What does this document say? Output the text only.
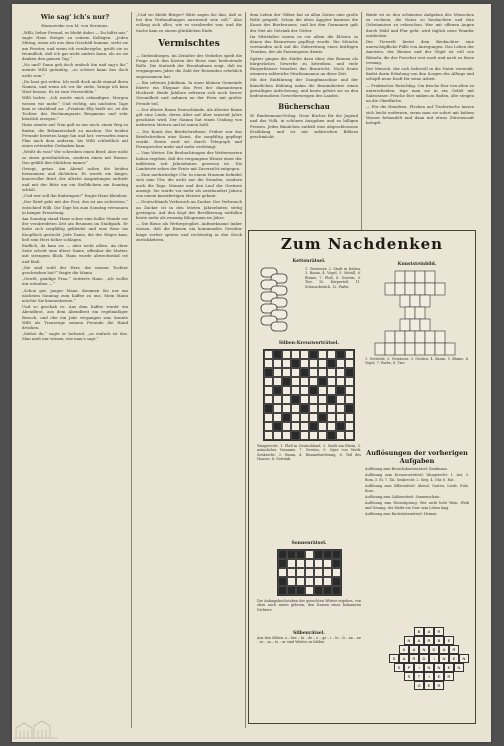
Wie sag' ich's nur?
Humoreske von M. von Seroiuus.

„Willi, lieber Freund, es bleibt dabei — Du hilfst mir,“ sagte Hans Steiger zu seinem Kollegen. „Jeden Mittag, wenn ich aus dem Geschäft komme, steht sie am Fenster, und wenn ich vorübergehe, grüßt sie so freundlich, daß ich gar nicht anders kann, als an sie denken den ganzen Tag.“

„Na und? Dann geh doch einfach hin und sag's ihr,“ meinte Willi gutmütig, „so schwer kann das doch nicht sein.“

„Du hast gut reden. Ich weiß doch nicht einmal ihren Namen, und wenn ich vor ihr stehe, bringe ich kein Wort heraus. Es ist zum Verzweifeln.“

Willi lachte. „Ich werde mich erkundigen. Morgen wissen wir mehr.“ Und richtig, am nächsten Tage kam er strahlend an: „Fräulein Elly heißt sie, ist die Tochter des Rechnungsrats Bergmann und sehr häuslich erzogen.“

Hans atmete auf. Nun galt es nur noch, einen Weg zu finden, die Bekanntschaft zu machen. Die beiden Freunde berieten lange hin und her, verwarfen einen Plan nach dem anderen, bis Willi schließlich auf einen rettenden Gedanken kam.

„Weißt du was? Wir schreiben einen Brief, aber nicht so einen gewöhnlichen, sondern einen mit Humor. Das gefällt den Mädchen immer.“

Gesagt, getan. Am Abend saßen die beiden beisammen und dichteten. Es wurde ein langer, kunstvoller Brief, der allerlei Anspielungen enthielt und mit der Bitte um ein Stelldichein am Sonntag schloß.

„Und wer soll ihn hinbringen?“ fragte Hans kleinlaut.

„Der Brief geht mit der Post, das ist am sichersten,“ entschied Willi. Die Tage bis zum Sonntag verrannen in banger Erwartung.

Am Sonntag stand Hans schon eine halbe Stunde vor der verabredeten Zeit am Brunnen im Stadtpark. Er hatte sich sorgfältig gekleidet und eine Rose ins Knopfloch gesteckt. Jede Dame, die des Weges kam, ließ sein Herz höher schlagen.

Endlich, da kam sie — aber nicht allein. An ihrer Seite schritt eine ältere Dame, offenbar die Mutter, mit strengem Blick. Hans wurde abwechselnd rot und blaß.

„Sie sind wohl der Herr, der meiner Tochter geschrieben hat?“ fragte die Mama.

„Gewiß, gnädige Frau,“ stotterte Hans, „ich wollte mir erlauben —“

„Schon gut, junger Mann. Kommen Sie nur am nächsten Sonntag zum Kaffee zu uns. Mein Mann möchte Sie kennenlernen.“

Und so geschah es. Aus dem Kaffee wurde ein Abendbrot, aus dem Abendbrot ein regelmäßiger Besuch, und ehe ein Jahr vergangen war, konnte Willi als Trauzeuge seinem Freunde die Hand drücken.

„Siehst du,“ sagte er lachend, „so einfach ist das. Man muß nur wissen, wie man's sagt.“

„Und wo bleibt Bürger? Bitte sagen Sie ihm, daß er bei den Verhandlungen anwesend sein soll.“ Also vollzog sich alles, wie es verabredet war, und die Sache kam zu einem glücklichen Ende.

Vermischtes

— Siebenbürgen. Im Zeitalter des Verkehrs spielt die Frage nach den Kosten der Reise eine bedeutende Rolle. Die Statistik der Eisenbahnen zeigt, daß im vergangenen Jahre die Zahl der Reisenden erheblich zugenommen hat.

— Ein seltenes Jubiläum. In einer kleinen Gemeinde feierte ein Ehepaar das Fest der diamantenen Hochzeit. Beide Jubilare erfreuen sich noch bester Gesundheit und nahmen an der Feier mit großer Freude teil.

— Der älteste Baum Deutschlands. Als ältester Baum gilt eine Linde, deren Alter auf über tausend Jahre geschätzt wird. Der Stamm hat einen Umfang von mehreren Metern und ist innen hohl.

— Die Kunst des Briefschreibens. Früher war das Briefschreiben eine Kunst, die sorgfältig gepflegt wurde. Heute wird sie durch Telegraph und Fernsprecher mehr und mehr verdrängt.

— Vom Wetter. Die Beobachtungen der Wetterwarten haben ergeben, daß der vergangene Winter einer der mildesten seit Jahrzehnten gewesen ist. Die Landwirte sehen der Ernte mit Zuversicht entgegen.

— Eine merkwürdige Uhr. In einem Museum befindet sich eine Uhr, die nicht nur die Stunden, sondern auch die Tage, Monate und den Lauf der Gestirne anzeigt. Sie wurde vor mehr als zweihundert Jahren von einem kunstfertigen Meister gebaut.

— Deutschlands Verbrauch an Zucker. Der Verbrauch an Zucker ist in den letzten Jahrzehnten stetig gestiegen. Auf den Kopf der Bevölkerung entfallen heute mehr als zwanzig Kilogramm im Jahre.

— Die Biene als Wetterprophet. Aufmerksame Imker wissen, daß die Bienen ein kommendes Gewitter lange vorher spüren und rechtzeitig in den Stock zurückkehren.

dem Leben der Völker hat zu allen Zeiten eine große Rolle gespielt. Schon die alten Ägypter kannten die Kunst des Bierbrauens, und bei den Germanen galt der Met als Getränk der Götter.

Im Mittelalter waren es vor allem die Klöster, in denen das Brauwesen gepflegt wurde. Die Mönche verstanden sich auf die Zubereitung eines kräftigen Trunkes, der als Fastenspeise diente.

Später gingen die Städte dazu über, das Brauen als bürgerliches Gewerbe zu betreiben, und viele Bürgerhäuser besaßen das Braurecht. Noch heute erinnern zahlreiche Straßennamen an diese Zeit.

Mit der Einführung der Dampfmaschine und der künstlichen Kühlung nahm die Brauindustrie einen gewaltigen Aufschwung, und heute gehört sie zu den bedeutendsten Gewerbezweigen des Landes.

Bücherschau

W. Rindenmann-Verlag. Neue Bücher für die Jugend und das Volk, in schönen Ausgaben und zu billigen Preisen. Jedes Bändchen enthält eine abgeschlossene Erzählung und ist mit zahlreichen Bildern geschmückt.

Beide ist zu den schönsten Aufgaben des Menschen zu rechnen, die Natur zu beobachten und ihre Geheimnisse zu erforschen. Wer mit offenen Augen durch Wald und Flur geht, wird täglich neue Wunder entdecken.

Die Tierwelt bietet dem Beobachter eine unerschöpfliche Fülle von Anregungen. Das Leben der Ameisen, der Bienen und der Vögel ist voll von Rätseln, die der Forscher erst nach und nach zu lösen vermag.

Der Mensch, der sich liebevoll in die Natur versenkt, findet darin Erholung von den Sorgen des Alltags und schöpft neue Kraft für seine Arbeit.

— Praktischer Ratschlag. Um frische Eier von alten zu unterscheiden, lege man sie in ein Gefäß mit Salzwasser. Frische Eier sinken zu Boden, alte steigen an die Oberfläche.

— Für die Hausfrau. Flecken auf Tischwäsche lassen sich leicht entfernen, wenn man sie sofort mit kaltem Wasser behandelt und dann mit etwas Zitronensaft betupft.

Zum Nachdenken
Kettenrätsel.
1. Gewässer, 2. Stadt in Italien, 3. Baum, 4. Vogel, 5. Metall, 6. Blume, 7. Fluß, 8. Gestirn, 9. Tier, 10. Körperteil, 11. Schmuckstück, 12. Farbe.
Silben-Kreuzworträtsel.
Waagerecht: 1. Fluß in Deutschland, 3. Stadt am Rhein, 5. männlicher Vorname, 7. Gewürz, 9. Oper von Verdi. Senkrecht: 2. Baum, 4. Himmelsrichtung, 6. Teil des Hauses, 8. Getränk.
Kunststeinbild.
1. Getreide, 2. Gewässer, 3. Gestirn, 4. Baum, 5. Blume, 6. Vogel, 7. Farbe, 8. Tier.
Auflösungen der vorherigen Aufgaben
Auflösung zum Besuchskartenrätsel: Kaufmann.
Auflösung zum Kreuzworträtsel: Waagerecht: 1. Ast, 3. Rom, 5. Ei, 7. Tal. Senkrecht: 2. Sieg, 4. Ohr, 6. Rat.
Auflösung zum Silbenrätsel: Abend, Garten, Linde, Eule, Rose.
Auflösung zum Zahlenrätsel: Sonnenschein.
Auflösung zum Rösselsprung: Wer nicht liebt Wein, Weib und Gesang, der bleibt ein Narr sein Leben lang.
Auflösung zum Buchstabenrätsel: Heimat.
Sonnenrätsel.
Die Anfangsbuchstaben der gesuchten Wörter ergeben, von oben nach unten gelesen, den Namen eines bekannten Dichters.
Silbenrätsel.
Aus den Silben: a – ber – bi – de – e – ge – i – le – li – na – ne – ro – sa – te – ur sind Wörter zu bilden.
B	A	R
N	A	R	B	E
K	A	N	D	A	R
S	A	R	D	I	N	E	N
S	P	I	N	N	E	N
S	T	I	E	R
G	E	R
